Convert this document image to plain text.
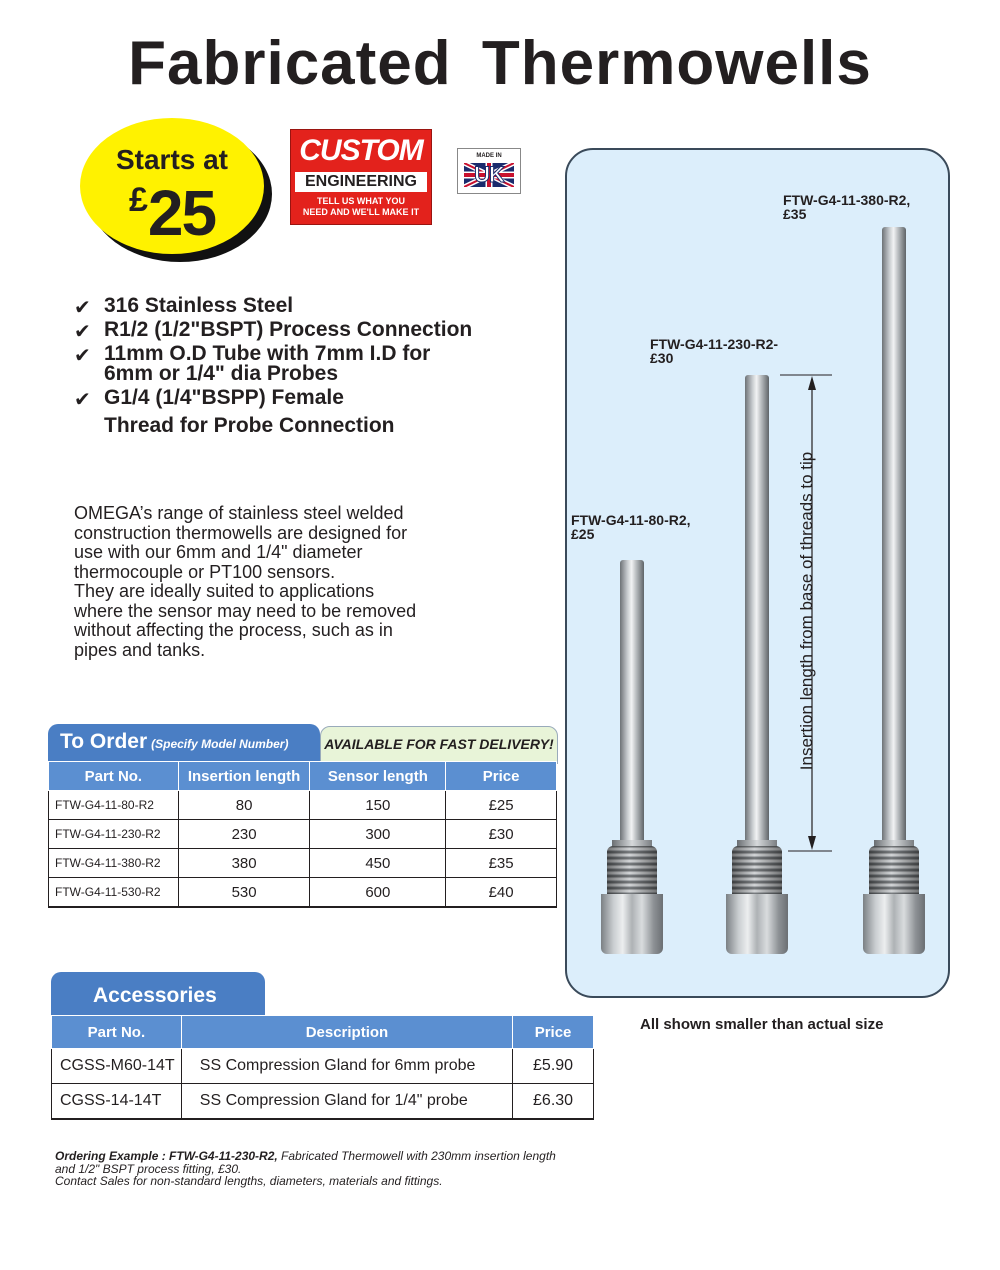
Fabricated Thermowells
Starts at
£25
CUSTOM
ENGINEERING
TELL US WHAT YOU
NEED AND WE'LL MAKE IT
MADE IN
UK
✔ 316 Stainless Steel
✔ R1/2 (1/2"BSPT) Process Connection
✔ 11mm O.D Tube with 7mm I.D for 6mm or 1/4" dia Probes
✔ G1/4 (1/4"BSPP) Female
Thread for Probe Connection
OMEGA’s range of stainless steel welded construction thermowells are designed for use with our 6mm and 1/4" diameter thermocouple or PT100 sensors.
They are ideally suited to applications where the sensor may need to be removed without affecting the process, such as in pipes and tanks.
To Order (Specify Model Number)	AVAILABLE FOR FAST DELIVERY!
Part No.	Insertion length	Sensor length	Price
FTW-G4-11-80-R2	80	150	£25
FTW-G4-11-230-R2	230	300	£30
FTW-G4-11-380-R2	380	450	£35
FTW-G4-11-530-R2	530	600	£40
Accessories
Part No.	Description	Price
CGSS-M60-14T	SS Compression Gland for 6mm probe	£5.90
CGSS-14-14T	SS Compression Gland for 1/4" probe	£6.30
Ordering Example : FTW-G4-11-230-R2, Fabricated Thermowell with 230mm insertion length and 1/2" BSPT process fitting, £30.
Contact Sales for non-standard lengths, diameters, materials and fittings.
FTW-G4-11-380-R2,
£35
FTW-G4-11-230-R2-
£30
FTW-G4-11-80-R2,
£25	Insertion length from base of threads to tip
All shown smaller than actual size
